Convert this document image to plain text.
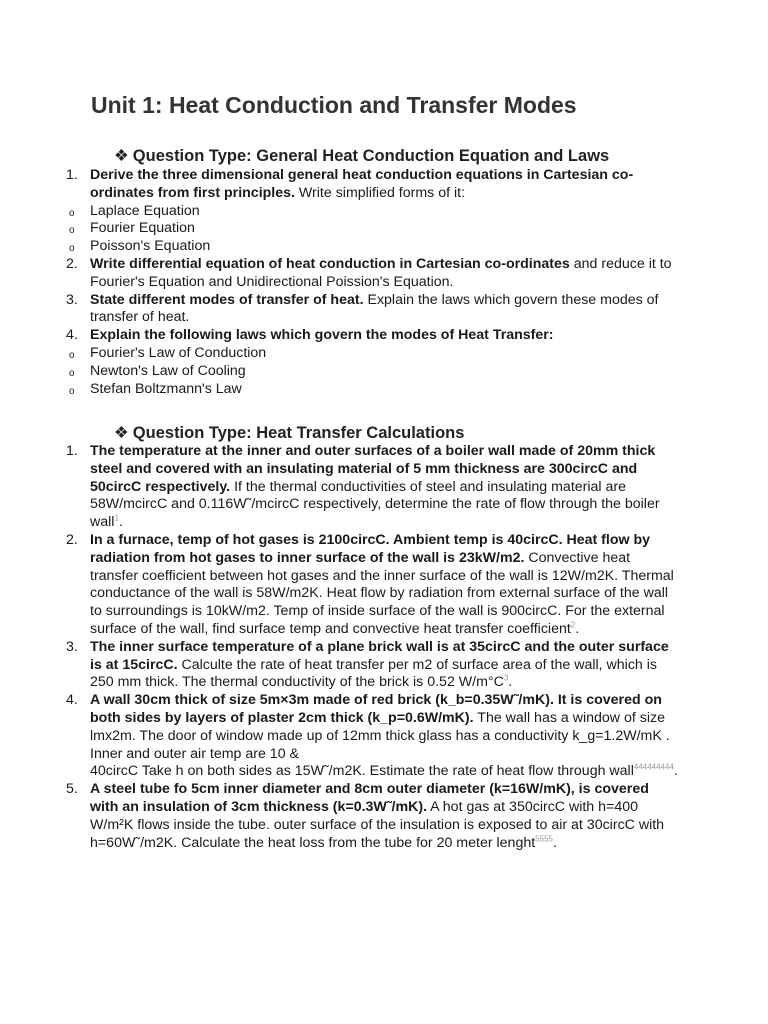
Unit 1: Heat Conduction and Transfer Modes
❖ Question Type: General Heat Conduction Equation and Laws
1. Derive the three dimensional general heat conduction equations in Cartesian co-ordinates from first principles. Write simplified forms of it:
o Laplace Equation
o Fourier Equation
o Poisson's Equation
2. Write differential equation of heat conduction in Cartesian co-ordinates and reduce it to Fourier's Equation and Unidirectional Poission's Equation.
3. State different modes of transfer of heat. Explain the laws which govern these modes of transfer of heat.
4. Explain the following laws which govern the modes of Heat Transfer:
o Fourier's Law of Conduction
o Newton's Law of Cooling
o Stefan Boltzmann's Law
❖ Question Type: Heat Transfer Calculations
1. The temperature at the inner and outer surfaces of a boiler wall made of 20mm thick steel and covered with an insulating material of 5 mm thickness are 300circC and 50circC respectively. If the thermal conductivities of steel and insulating material are 58W/mcircC and 0.116W˜/mcircC respectively, determine the rate of flow through the boiler wall$^1$.
2. In a furnace, temp of hot gases is 2100circC. Ambient temp is 40circC. Heat flow by radiation from hot gases to inner surface of the wall is 23kW/m2. Convective heat transfer coefficient between hot gases and the inner surface of the wall is 12W/m2K. Thermal conductance of the wall is 58W/m2K. Heat flow by radiation from external surface of the wall to surroundings is 10kW/m2. Temp of inside surface of the wall is 900circC. For the external surface of the wall, find surface temp and convective heat transfer coefficient$^2$.
3. The inner surface temperature of a plane brick wall is at 35circC and the outer surface is at 15circC. Calculte the rate of heat transfer per m2 of surface area of the wall, which is 250 mm thick. The thermal conductivity of the brick is 0.52 $W/m^\circ C^3$.
4. A wall 30cm thick of size 5m×3m made of red brick (k_b=0.35W˜/mK). It is covered on both sides by layers of plaster 2cm thick (k_p=0.6W/mK). The wall has a window of size lmx2m. The door of window made up of 12mm thick glass has a conductivity k_g=1.2W/mK . Inner and outer air temp are 10 &
40circC Take h on both sides as 15W˜/m2K. Estimate the rate of heat flow through wall$^{444444444}$.
5. A steel tube fo 5cm inner diameter and 8cm outer diameter (k=16W/mK), is covered with an insulation of 3cm thickness (k=0.3W˜/mK). A hot gas at 350circC with h=400 W/m²K flows inside the tube. outer surface of the insulation is exposed to air at 30circC with h=60W˜/m2K. Calculate the heat loss from the tube for 20 meter lenght$^{5555}$.
